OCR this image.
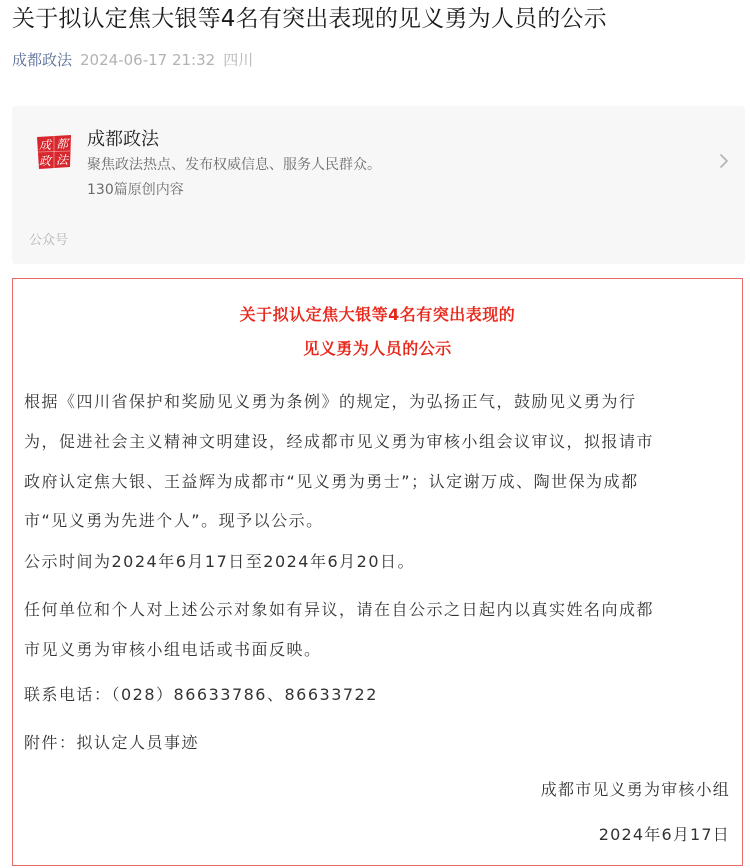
关于拟认定焦大银等4名有突出表现的见义勇为人员的公示
成都政法 2024-06-17 21:32 四川
成 都
政 法
成都政法
聚焦政法热点、发布权威信息、服务人民群众。
130篇原创内容
公众号
关于拟认定焦大银等4名有突出表现的
见义勇为人员的公示
根据《四川省保护和奖励见义勇为条例》的规定，为弘扬正气，鼓励见义勇为行
为，促进社会主义精神文明建设，经成都市见义勇为审核小组会议审议，拟报请市
政府认定焦大银、王益辉为成都市“见义勇为勇士”；认定谢万成、陶世保为成都
市“见义勇为先进个人”。现予以公示。
公示时间为2024年6月17日至2024年6月20日。
任何单位和个人对上述公示对象如有异议，请在自公示之日起内以真实姓名向成都
市见义勇为审核小组电话或书面反映。
联系电话：（028）86633786、86633722
附件：拟认定人员事迹
成都市见义勇为审核小组
2024年6月17日
